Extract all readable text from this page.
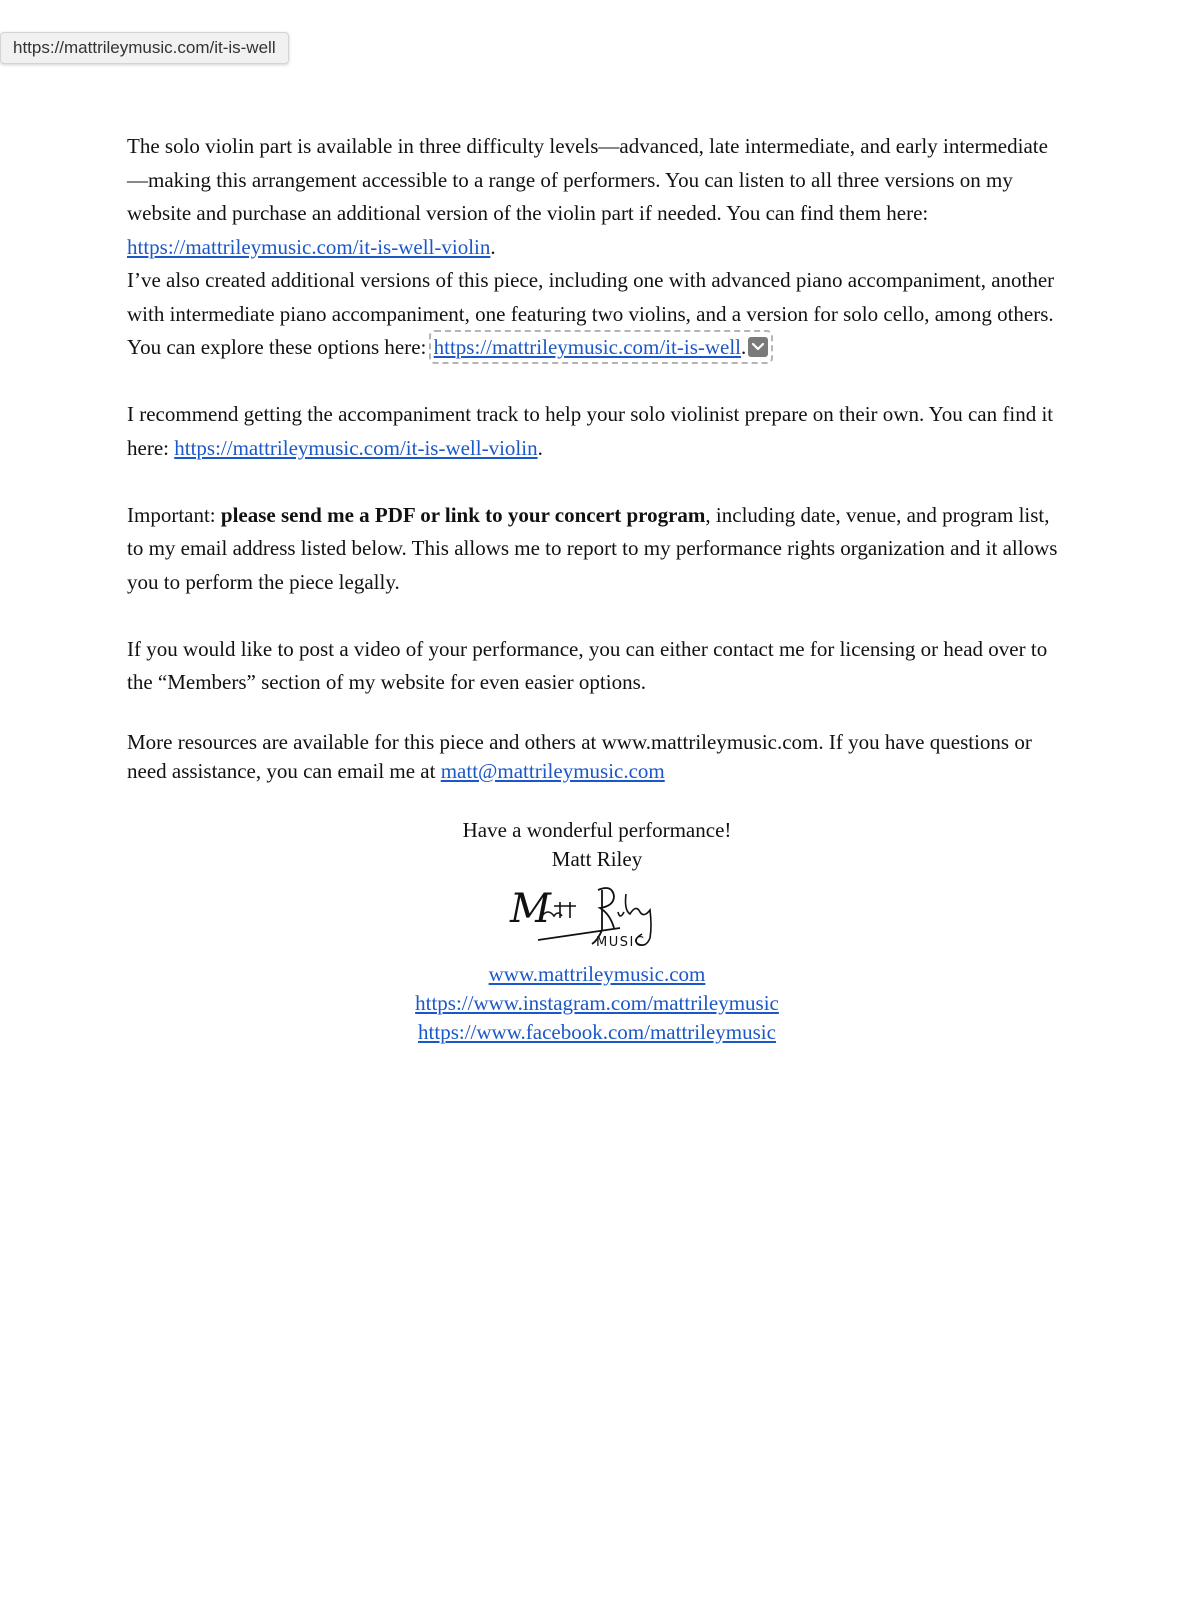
https://mattrileymusic.com/it-is-well

The solo violin part is available in three difficulty levels—advanced, late intermediate, and early intermediate—making this arrangement accessible to a range of performers. You can listen to all three versions on my website and purchase an additional version of the violin part if needed. You can find them here: https://mattrileymusic.com/it-is-well-violin.

I’ve also created additional versions of this piece, including one with advanced piano accompaniment, another with intermediate piano accompaniment, one featuring two violins, and a version for solo cello, among others. You can explore these options here: https://mattrileymusic.com/it-is-well.

I recommend getting the accompaniment track to help your solo violinist prepare on their own. You can find it here: https://mattrileymusic.com/it-is-well-violin.

Important: please send me a PDF or link to your concert program, including date, venue, and program list, to my email address listed below. This allows me to report to my performance rights organization and it allows you to perform the piece legally.

If you would like to post a video of your performance, you can either contact me for licensing or head over to the “Members” section of my website for even easier options.

More resources are available for this piece and others at www.mattrileymusic.com. If you have questions or need assistance, you can email me at matt@mattrileymusic.com

Have a wonderful performance!
Matt Riley
M
MUSIC
www.mattrileymusic.com
https://www.instagram.com/mattrileymusic
https://www.facebook.com/mattrileymusic
